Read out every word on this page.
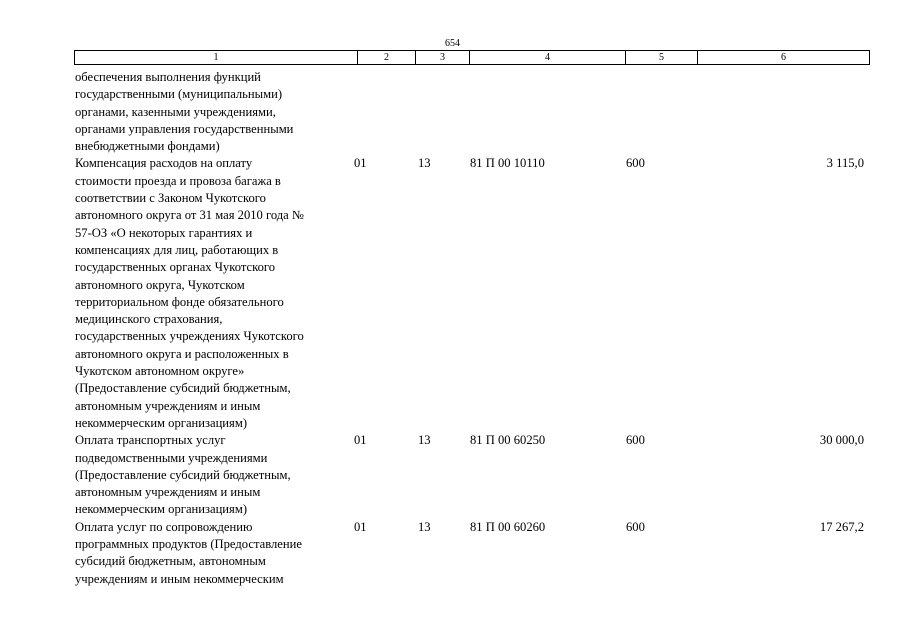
654
1	2	3	4	5	6
обеспечения выполнения функций
государственными (муниципальными)
органами, казенными учреждениями,
органами управления государственными
внебюджетными фондами)
Компенсация расходов на оплату
стоимости проезда и провоза багажа в
соответствии с Законом Чукотского
автономного округа от 31 мая 2010 года №
57-ОЗ «О некоторых гарантиях и
компенсациях для лиц, работающих в
государственных органах Чукотского
автономного округа, Чукотском
территориальном фонде обязательного
медицинского страхования,
государственных учреждениях Чукотского
автономного округа и расположенных в
Чукотском автономном округе»
(Предоставление субсидий бюджетным,
автономным учреждениям и иным
некоммерческим организациям)
01	13	81 П 00 10110	600	3 115,0
Оплата транспортных услуг
подведомственными учреждениями
(Предоставление субсидий бюджетным,
автономным учреждениям и иным
некоммерческим организациям)
01	13	81 П 00 60250	600	30 000,0
Оплата услуг по сопровождению
программных продуктов (Предоставление
субсидий бюджетным, автономным
учреждениям и иным некоммерческим
01	13	81 П 00 60260	600	17 267,2
